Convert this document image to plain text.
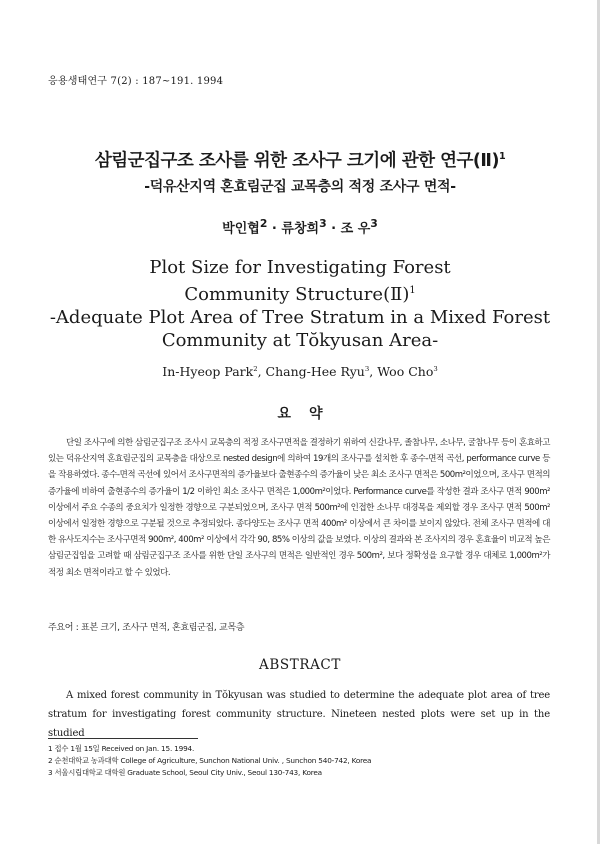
응용생태연구 7(2) : 187~191. 1994
삼림군집구조 조사를 위한 조사구 크기에 관한 연구(Ⅱ)$^1$
-덕유산지역 혼효림군집 교목층의 적정 조사구 면적-
박인협$^2$ · 류창희$^3$ · 조 우$^3$
Plot Size for Investigating Forest
Community Structure(Ⅱ)$^1$
-Adequate Plot Area of Tree Stratum in a Mixed Forest
Community at Tŏkyusan Area-
In-Hyeop Park$^2$, Chang-Hee Ryu$^3$, Woo Cho$^3$
요약

단일 조사구에 의한 삼림군집구조 조사시 교목층의 적정 조사구면적을 결정하기 위하여 신갈나무, 졸참나무, 소나무, 굴참나무 등이 혼효하고 있는 덕유산지역 혼효림군집의 교목층을 대상으로 nested design에 의하여 19개의 조사구를 설치한 후 종수-면적 곡선, performance curve 등을 작용하였다. 종수-면적 곡선에 있어서 조사구면적의 증가율보다 출현종수의 증가율이 낮은 최소 조사구 면적은 500m²이었으며, 조사구 면적의 증가율에 비하여 출현종수의 증가율이 1/2 이하인 최소 조사구 면적은 1,000m²이었다. Performance curve를 작성한 결과 조사구 면적 900m² 이상에서 주요 수종의 중요치가 일정한 경향으로 구분되었으며, 조사구 면적 500m²에 인접한 소나무 대경목을 제외할 경우 조사구 면적 500m² 이상에서 일정한 경향으로 구분될 것으로 추정되었다. 종다양도는 조사구 면적 400m² 이상에서 큰 차이를 보이지 않았다. 전체 조사구 면적에 대한 유사도지수는 조사구면적 900m², 400m² 이상에서 각각 90, 85% 이상의 값을 보였다. 이상의 결과와 본 조사지의 경우 혼효율이 비교적 높은 삼림군집임을 고려할 때 삼림군집구조 조사를 위한 단일 조사구의 면적은 일반적인 경우 500m², 보다 정확성을 요구할 경우 대체로 1,000m²가 적정 최소 면적이라고 할 수 있었다.

주요어 : 표본 크기, 조사구 면적, 혼효림군집, 교목층
ABSTRACT

A mixed forest community in Tŏkyusan was studied to determine the adequate plot area of tree stratum for investigating forest community structure. Nineteen nested plots were set up in the studied

1 접수 1월 15일 Received on Jan. 15. 1994.
2 순천대학교 농과대학 College of Agriculture, Sunchon National Univ. , Sunchon 540-742, Korea
3 서울시립대학교 대학원 Graduate School, Seoul City Univ., Seoul 130-743, Korea
